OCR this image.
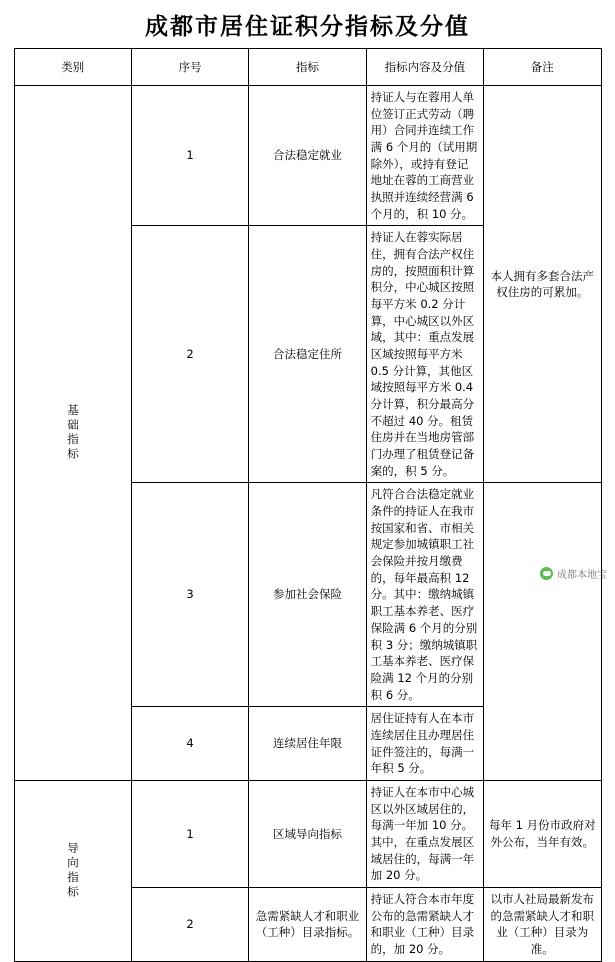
成都市居住证积分指标及分值
类别	序号	指标	指标内容及分值	备注

基础指标	1	合法稳定就业	持证人与在蓉用人单位签订正式劳动（聘用）合同并连续工作满 6 个月的（试用期除外），或持有登记地址在蓉的工商营业执照并连续经营满 6 个月的，积 10 分。	本人拥有多套合法产权住房的可累加。
	2	合法稳定住所	持证人在蓉实际居住，拥有合法产权住房的，按照面积计算积分，中心城区按照每平方米 0.2 分计算，中心城区以外区域，其中：重点发展区域按照每平方米 0.5 分计算，其他区域按照每平方米 0.4 分计算，积分最高分不超过 40 分。租赁住房并在当地房管部门办理了租赁登记备案的，积 5 分。	
	3	参加社会保险	凡符合合法稳定就业条件的持证人在我市按国家和省、市相关规定参加城镇职工社会保险并按月缴费的，每年最高积 12 分。其中：缴纳城镇职工基本养老、医疗保险满 6 个月的分别积 3 分；缴纳城镇职工基本养老、医疗保险满 12 个月的分别积 6 分。	
	4	连续居住年限	居住证持有人在本市连续居住且办理居住证件签注的，每满一年积 5 分。	

导向指标	1	区域导向指标	持证人在本市中心城区以外区域居住的，每满一年加 10 分。其中，在重点发展区域居住的，每满一年加 20 分。	每年 1 月份市政府对外公布，当年有效。
	2	急需紧缺人才和职业（工种）目录指标。	持证人符合本市年度公布的急需紧缺人才和职业（工种）目录的，加 20 分。	以市人社局最新发布的急需紧缺人才和职业（工种）目录为准。
成都本地宝
